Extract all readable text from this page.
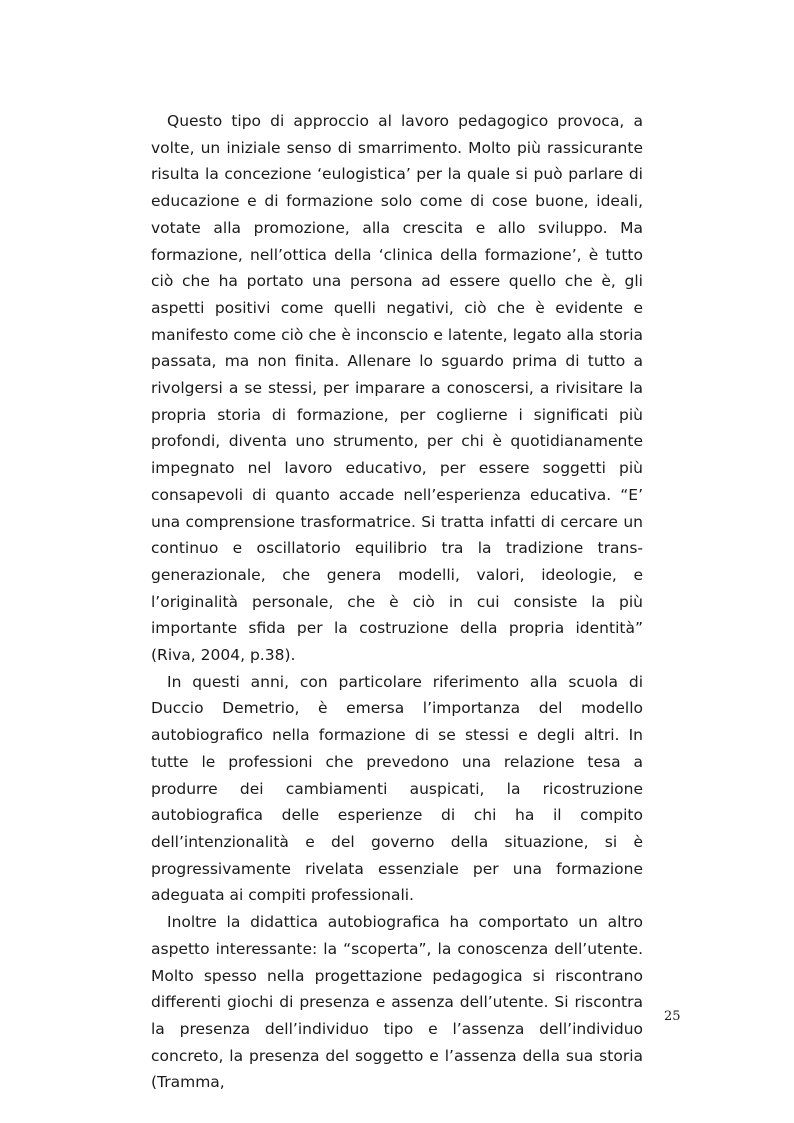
Questo tipo di approccio al lavoro pedagogico provoca, a volte, un iniziale senso di smarrimento. Molto più rassicurante risulta la concezione ‘eulogistica’ per la quale si può parlare di educazione e di formazione solo come di cose buone, ideali, votate alla promozione, alla crescita e allo sviluppo. Ma formazione, nell’ottica della ‘clinica della formazione’, è tutto ciò che ha portato una persona ad essere quello che è, gli aspetti positivi come quelli negativi, ciò che è evidente e manifesto come ciò che è inconscio e latente, legato alla storia passata, ma non finita. Allenare lo sguardo prima di tutto a rivolgersi a se stessi, per imparare a conoscersi, a rivisitare la propria storia di formazione, per coglierne i significati più profondi, diventa uno strumento, per chi è quotidianamente impegnato nel lavoro educativo, per essere soggetti più consapevoli di quanto accade nell’esperienza educativa. “E’ una comprensione trasformatrice. Si tratta infatti di cercare un continuo e oscillatorio equilibrio tra la tradizione trans-generazionale, che genera modelli, valori, ideologie, e l’originalità personale, che è ciò in cui consiste la più importante sfida per la costruzione della propria identità” (Riva, 2004, p.38).

In questi anni, con particolare riferimento alla scuola di Duccio Demetrio, è emersa l’importanza del modello autobiografico nella formazione di se stessi e degli altri. In tutte le professioni che prevedono una relazione tesa a produrre dei cambiamenti auspicati, la ricostruzione autobiografica delle esperienze di chi ha il compito dell’intenzionalità e del governo della situazione, si è progressivamente rivelata essenziale per una formazione adeguata ai compiti professionali.

Inoltre la didattica autobiografica ha comportato un altro aspetto interessante: la “scoperta”, la conoscenza dell’utente. Molto spesso nella progettazione pedagogica si riscontrano differenti giochi di presenza e assenza dell’utente. Si riscontra la presenza dell’individuo tipo e l’assenza dell’individuo concreto, la presenza del soggetto e l’assenza della sua storia (Tramma,

25
